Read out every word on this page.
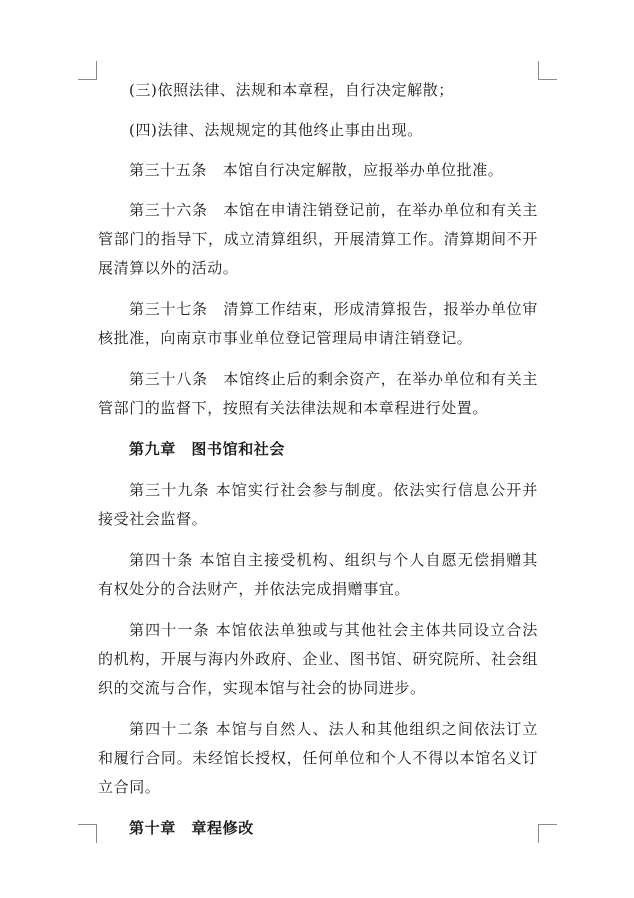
(三)依照法律、法规和本章程，自行决定解散；

(四)法律、法规规定的其他终止事由出现。

第三十五条　本馆自行决定解散，应报举办单位批准。

第三十六条　本馆在申请注销登记前，在举办单位和有关主管部门的指导下，成立清算组织，开展清算工作。清算期间不开展清算以外的活动。

第三十七条　清算工作结束，形成清算报告，报举办单位审核批准，向南京市事业单位登记管理局申请注销登记。

第三十八条　本馆终止后的剩余资产，在举办单位和有关主管部门的监督下，按照有关法律法规和本章程进行处置。

第九章　图书馆和社会

第三十九条 本馆实行社会参与制度。依法实行信息公开并接受社会监督。

第四十条 本馆自主接受机构、组织与个人自愿无偿捐赠其有权处分的合法财产，并依法完成捐赠事宜。

第四十一条 本馆依法单独或与其他社会主体共同设立合法的机构，开展与海内外政府、企业、图书馆、研究院所、社会组织的交流与合作，实现本馆与社会的协同进步。

第四十二条 本馆与自然人、法人和其他组织之间依法订立和履行合同。未经馆长授权，任何单位和个人不得以本馆名义订立合同。

第十章　章程修改
